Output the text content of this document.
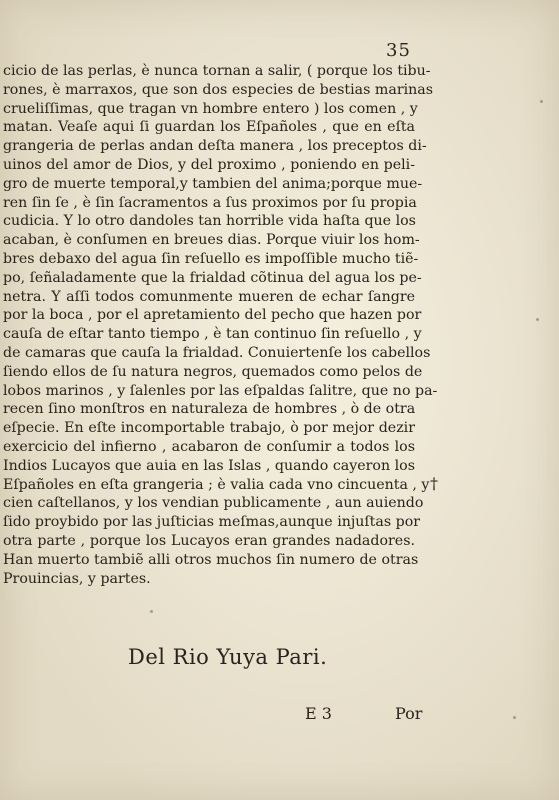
35
cicio de las perlas, è nunca tornan a salir, ( porque los tibu-
rones, è marraxos, que son dos especies de bestias marinas
crueliſſimas, que tragan vn hombre entero ) los comen , y
matan. Veaſe aqui ſi guardan los Eſpañoles , que en eſta
grangeria de perlas andan deſta manera , los preceptos di-
uinos del amor de Dios, y del proximo , poniendo en peli-
gro de muerte temporal,y tambien del anima;porque mue-
ren ſin ſe , è ſin ſacramentos a ſus proximos por ſu propia
cudicia. Y lo otro dandoles tan horrible vida haſta que los
acaban, è conſumen en breues dias. Porque viuir los hom-
bres debaxo del agua ſin reſuello es impoſſible mucho tiẽ-
po, ſeñaladamente que la frialdad cõtinua del agua los pe-
netra. Y aſſi todos comunmente mueren de echar ſangre
por la boca , por el apretamiento del pecho que hazen por
cauſa de eſtar tanto tiempo , è tan continuo ſin reſuello , y
de camaras que cauſa la frialdad. Conuiertenſe los cabellos
ſiendo ellos de ſu natura negros, quemados como pelos de
lobos marinos , y ſalenles por las eſpaldas ſalitre, que no pa-
recen ſino monſtros en naturaleza de hombres , ò de otra
eſpecie. En eſte incomportable trabajo, ò por mejor dezir
exercicio del infierno , acabaron de conſumir a todos los
Indios Lucayos que auia en las Islas , quando cayeron los
Eſpañoles en eſta grangeria ; è valia cada vno cincuenta , y
cien caſtellanos, y los vendian publicamente , aun auiendo
ſido proybido por las juſticias meſmas,aunque injuſtas por
otra parte , porque los Lucayos eran grandes nadadores.
Han muerto tambiẽ alli otros muchos ſin numero de otras
Prouincias, y partes.
†
Del Rio Yuya Pari.
E 3	Por
